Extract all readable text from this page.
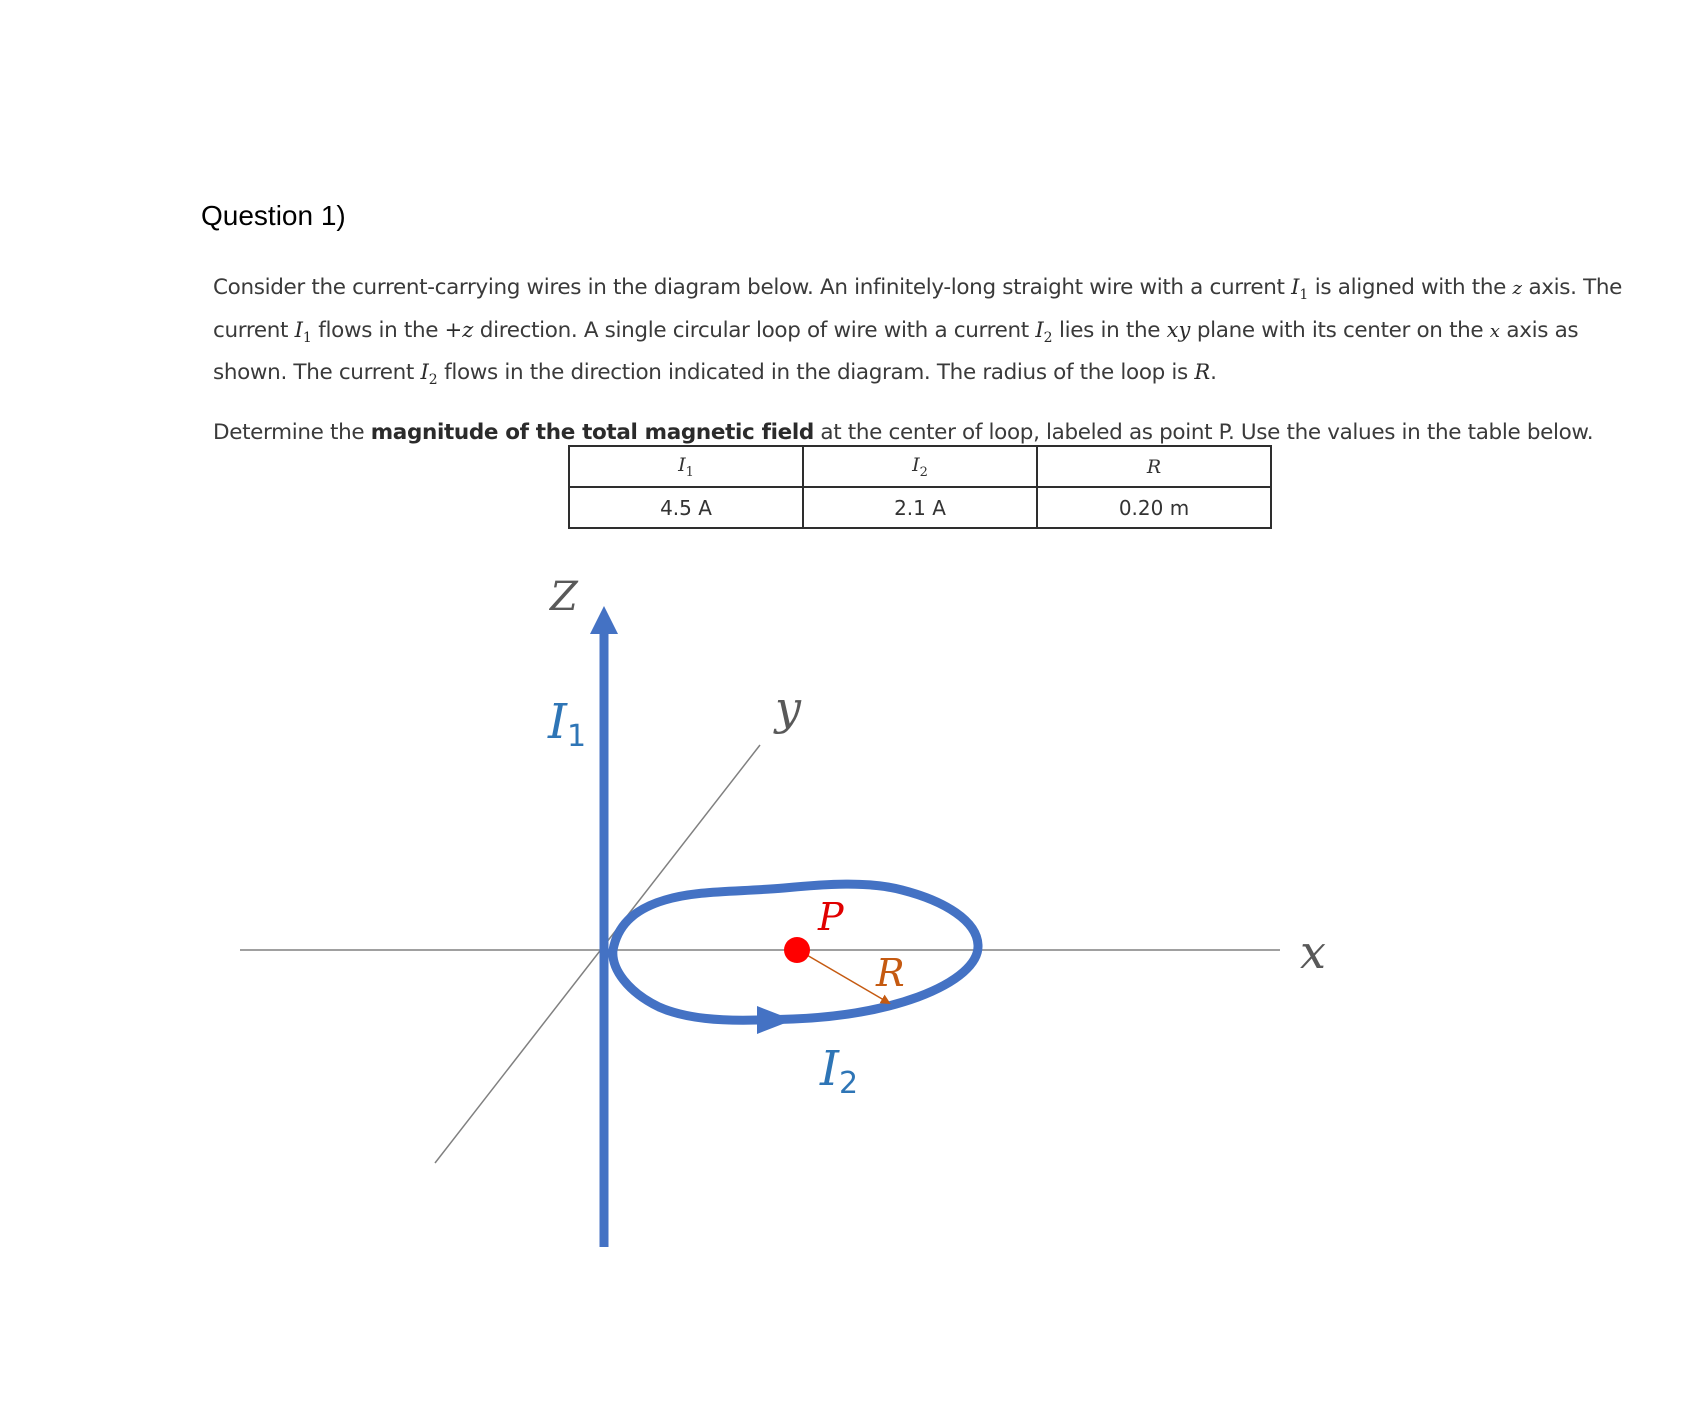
Question 1)

Consider the current-carrying wires in the diagram below. An infinitely-long straight wire with a current $I_1$ is aligned with the z axis. The current $I_1$ flows in the +z direction. A single circular loop of wire with a current $I_2$ lies in the xy plane with its center on the x axis as shown. The current $I_2$ flows in the direction indicated in the diagram. The radius of the loop is R.

Determine the magnitude of the total magnetic field at the center of loop, labeled as point P. Use the values in the table below.

$I_1$	$I_2$	R
4.5 A	2.1 A	0.20 m
Z
y
x
P
R
I1
I2
